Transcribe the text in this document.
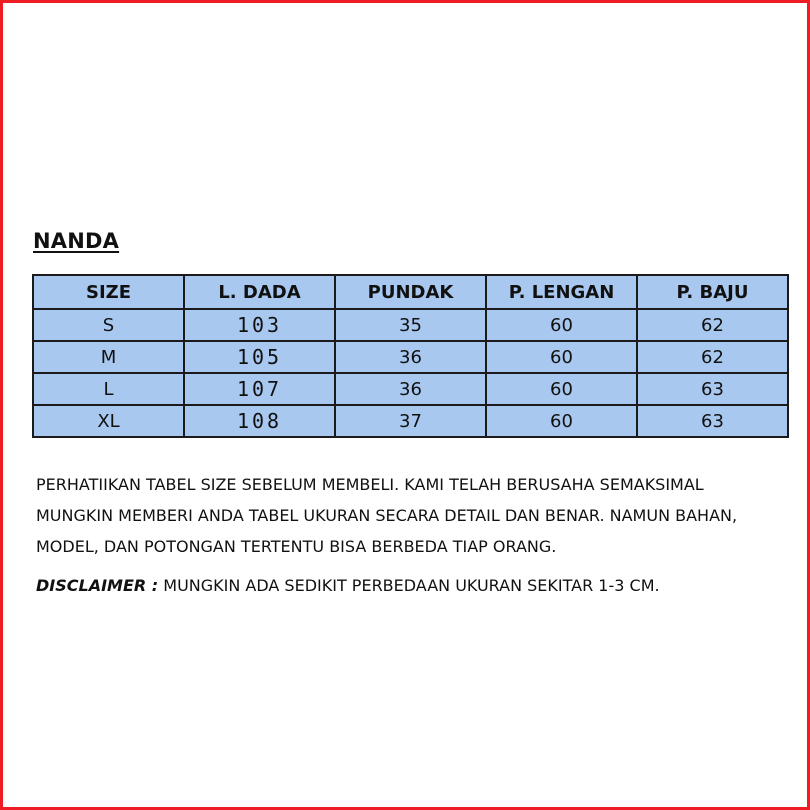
NANDA
SIZE	L. DADA	PUNDAK	P. LENGAN	P. BAJU
S	103	35	60	62
M	105	36	60	62
L	107	36	60	63
XL	108	37	60	63

PERHATIIKAN TABEL SIZE SEBELUM MEMBELI. KAMI TELAH BERUSAHA SEMAKSIMAL MUNGKIN MEMBERI ANDA TABEL UKURAN SECARA DETAIL DAN BENAR. NAMUN BAHAN, MODEL, DAN POTONGAN TERTENTU BISA BERBEDA TIAP ORANG.

DISCLAIMER : MUNGKIN ADA SEDIKIT PERBEDAAN UKURAN SEKITAR 1-3 CM.
